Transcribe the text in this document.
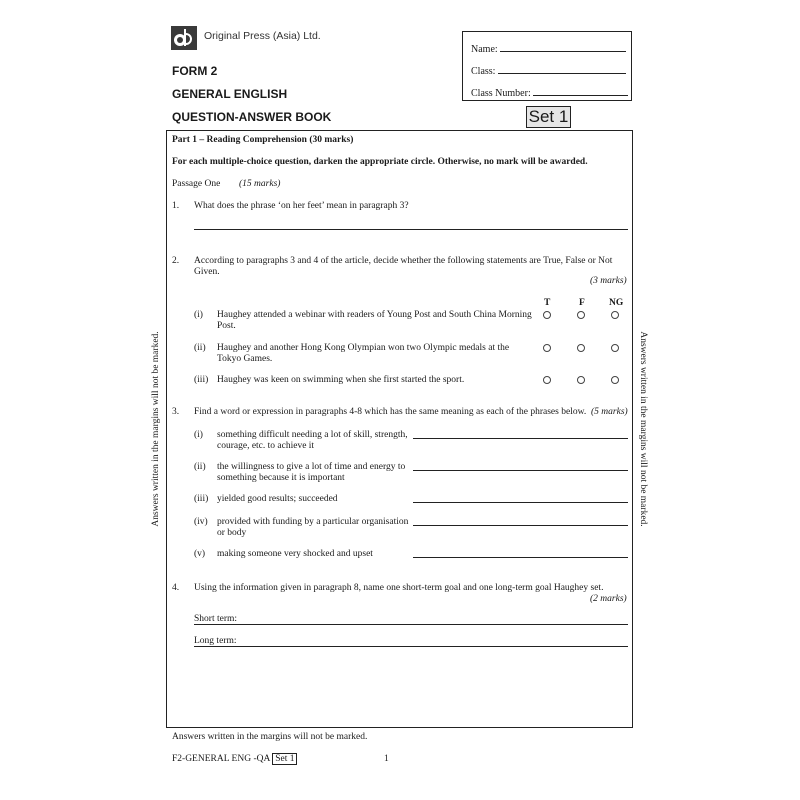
Original Press (Asia) Ltd.
FORM 2
GENERAL ENGLISH
QUESTION-ANSWER BOOK
Name:
Class:
Class Number:
Set 1
Part 1 – Reading Comprehension (30 marks)
For each multiple-choice question, darken the appropriate circle. Otherwise, no mark will be awarded.
Passage One (15 marks)
1. What does the phrase ‘on her feet’ mean in paragraph 3?
2. According to paragraphs 3 and 4 of the article, decide whether the following statements are True, False or Not Given.
(3 marks)
T	F	NG
(i) Haughey attended a webinar with readers of Young Post and South China Morning Post.
(ii) Haughey and another Hong Kong Olympian won two Olympic medals at the Tokyo Games.
(iii) Haughey was keen on swimming when she first started the sport.
3. Find a word or expression in paragraphs 4-8 which has the same meaning as each of the phrases below. (5 marks)
(i) something difficult needing a lot of skill, strength, courage, etc. to achieve it
(ii) the willingness to give a lot of time and energy to something because it is important
(iii) yielded good results; succeeded
(iv) provided with funding by a particular organisation or body
(v) making someone very shocked and upset
4. Using the information given in paragraph 8, name one short-term goal and one long-term goal Haughey set.
(2 marks)
Short term:
Long term:
Answers written in the margins will not be marked.	Answers written in the margins will not be marked.
Answers written in the margins will not be marked.
F2-GENERAL ENG -QA Set 1	1
